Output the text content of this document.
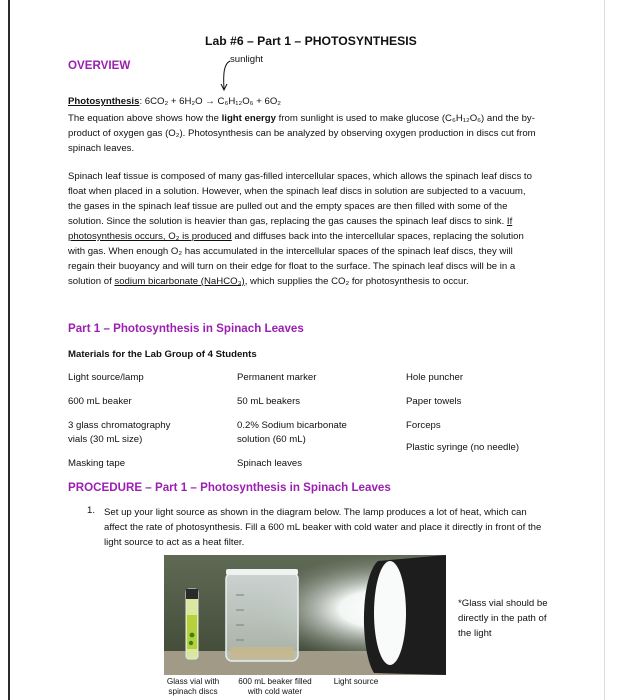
Lab #6 – Part 1 – PHOTOSYNTHESIS
OVERVIEW	sunlight
Photosynthesis: 6CO₂ + 6H₂O → C₆H₁₂O₆ + 6O₂

The equation above shows how the light energy from sunlight is used to make glucose (C₆H₁₂O₆) and the by-product of oxygen gas (O₂). Photosynthesis can be analyzed by observing oxygen production in discs cut from spinach leaves.

Spinach leaf tissue is composed of many gas-filled intercellular spaces, which allows the spinach leaf discs to float when placed in a solution. However, when the spinach leaf discs in solution are subjected to a vacuum, the gases in the spinach leaf tissue are pulled out and the empty spaces are then filled with some of the solution. Since the solution is heavier than gas, replacing the gas causes the spinach leaf discs to sink. If photosynthesis occurs, O₂ is produced and diffuses back into the intercellular spaces, replacing the solution with gas. When enough O₂ has accumulated in the intercellular spaces of the spinach leaf discs, they will regain their buoyancy and will turn on their edge for float to the surface. The spinach leaf discs will be in a solution of sodium bicarbonate (NaHCO₃), which supplies the CO₂ for photosynthesis to occur.

Part 1 – Photosynthesis in Spinach Leaves
Materials for the Lab Group of 4 Students
Light source/lamp
600 mL beaker
3 glass chromatography
vials (30 mL size)
Masking tape
Permanent marker
50 mL beakers
0.2% Sodium bicarbonate
solution (60 mL)
Spinach leaves
Hole puncher
Paper towels
Forceps
Plastic syringe (no needle)
PROCEDURE – Part 1 – Photosynthesis in Spinach Leaves
1. Set up your light source as shown in the diagram below. The lamp produces a lot of heat, which can affect the rate of photosynthesis. Fill a 600 mL beaker with cold water and place it directly in front of the light source to act as a heat filter.

*Glass vial should be directly in the path of the light
Glass vial with
spinach discs
600 mL beaker filled
with cold water
Light source
